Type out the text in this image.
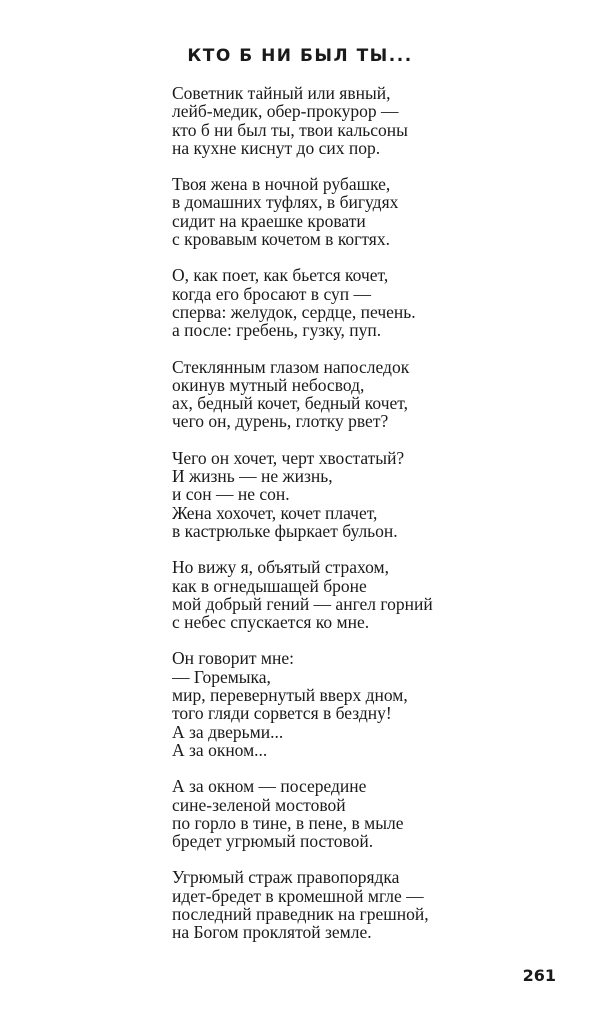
КТО Б НИ БЫЛ ТЫ...
Советник тайный или явный,
лейб-медик, обер-прокурор —
кто б ни был ты, твои кальсоны
на кухне киснут до сих пор.
Твоя жена в ночной рубашке,
в домашних туфлях, в бигудях
сидит на краешке кровати
с кровавым кочетом в когтях.
О, как поет, как бьется кочет,
когда его бросают в суп —
сперва: желудок, сердце, печень.
а после: гребень, гузку, пуп.
Стеклянным глазом напоследок
окинув мутный небосвод,
ах, бедный кочет, бедный кочет,
чего он, дурень, глотку рвет?
Чего он хочет, черт хвостатый?
И жизнь — не жизнь,
и сон — не сон.
Жена хохочет, кочет плачет,
в кастрюльке фыркает бульон.
Но вижу я, объятый страхом,
как в огнедышащей броне
мой добрый гений — ангел горний
с небес спускается ко мне.
Он говорит мне:
— Горемыка,
мир, перевернутый вверх дном,
того гляди сорвется в бездну!
А за дверьми...
А за окном...
А за окном — посередине
сине-зеленой мостовой
по горло в тине, в пене, в мыле
бредет угрюмый постовой.
Угрюмый страж правопорядка
идет-бредет в кромешной мгле —
последний праведник на грешной,
на Богом проклятой земле.
261
